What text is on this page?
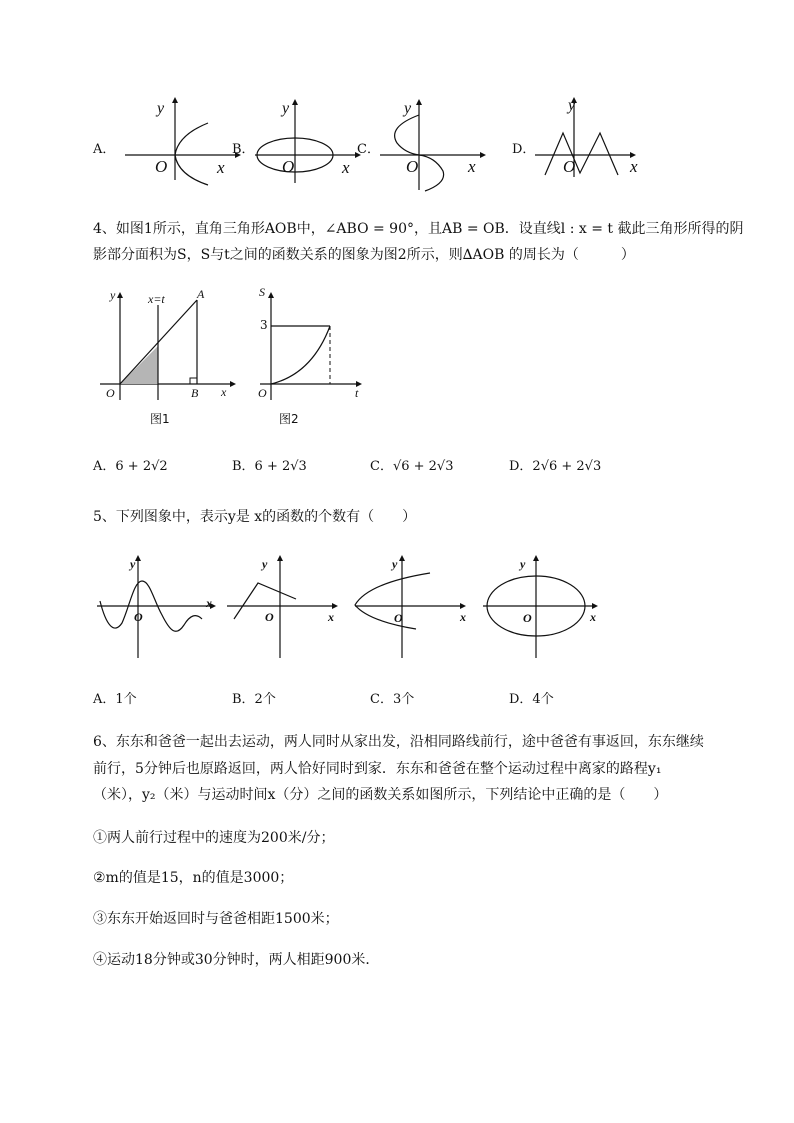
A．
y
O	x
B．
y
O	x
C．
y
O	x
D．
y
O	x
4、如图1所示，直角三角形AOB中，∠ABO = 90°，且AB = OB．设直线l : x = t 截此三角形所得的阴
影部分面积为S，S与t之间的函数关系的图象为图2所示，则∆AOB 的周长为（　　　）
y	x=t	A
O	B x
图1
S
3
O	t
图2
A．6 + 2√2	B．6 + 2√3	C．√6 + 2√3	D．2√6 + 2√3
5、下列图象中，表示y是 x的函数的个数有（　　）
y
O
x
y
O	x
y
O	x
y
O	x
A．1个	B．2个	C．3个	D．4个
6、东东和爸爸一起出去运动，两人同时从家出发，沿相同路线前行，途中爸爸有事返回，东东继续
前行，5分钟后也原路返回，两人恰好同时到家．东东和爸爸在整个运动过程中离家的路程y₁
（米），y₂（米）与运动时间x（分）之间的函数关系如图所示，下列结论中正确的是（　　）
①两人前行过程中的速度为200米/分；
②m的值是15，n的值是3000；
③东东开始返回时与爸爸相距1500米；
④运动18分钟或30分钟时，两人相距900米．
